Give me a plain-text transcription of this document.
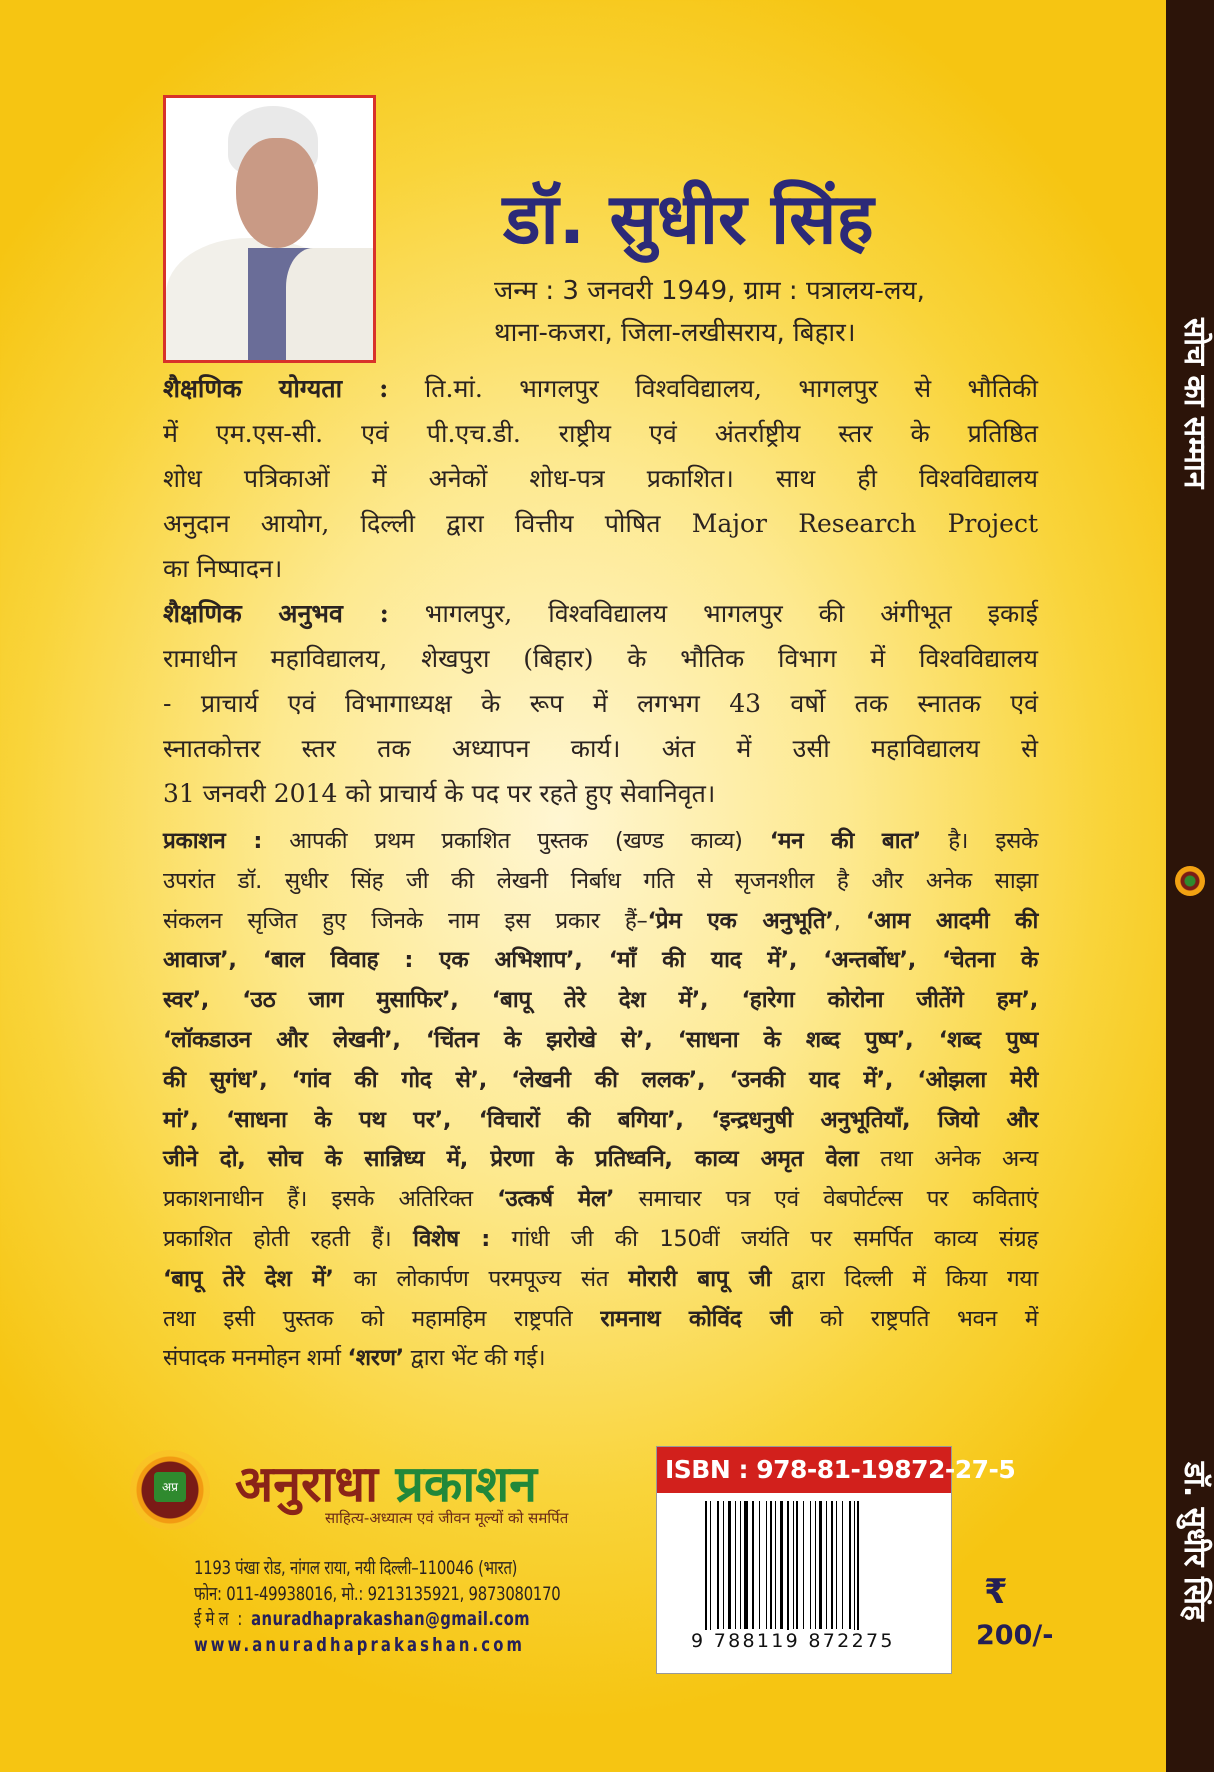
डॉ. सुधीर सिंह
जन्म : 3 जनवरी 1949, ग्राम : पत्रालय-लय,
थाना-कजरा, जिला-लखीसराय, बिहार।
शैक्षणिक योग्यता : ति.मां. भागलपुर विश्वविद्यालय, भागलपुर से भौतिकी
में एम.एस-सी. एवं पी.एच.डी. राष्ट्रीय एवं अंतर्राष्ट्रीय स्तर के प्रतिष्ठित
शोध पत्रिकाओं में अनेकों शोध-पत्र प्रकाशित। साथ ही विश्वविद्यालय
अनुदान आयोग, दिल्ली द्वारा वित्तीय पोषित Major Research Project
का निष्पादन।
शैक्षणिक अनुभव : भागलपुर, विश्वविद्यालय भागलपुर की अंगीभूत इकाई
रामाधीन महाविद्यालय, शेखपुरा (बिहार) के भौतिक विभाग में विश्वविद्यालय
- प्राचार्य एवं विभागाध्यक्ष के रूप में लगभग 43 वर्षो तक स्नातक एवं
स्नातकोत्तर स्तर तक अध्यापन कार्य। अंत में उसी महाविद्यालय से
31 जनवरी 2014 को प्राचार्य के पद पर रहते हुए सेवानिवृत।
प्रकाशन : आपकी प्रथम प्रकाशित पुस्तक (खण्ड काव्य) ‘मन की बात’ है। इसके
उपरांत डॉ. सुधीर सिंह जी की लेखनी निर्बाध गति से सृजनशील है और अनेक साझा
संकलन सृजित हुए जिनके नाम इस प्रकार हैं–‘प्रेम एक अनुभूति’, ‘आम आदमी की
आवाज’, ‘बाल विवाह : एक अभिशाप’, ‘माँ की याद में’, ‘अन्तर्बोध’, ‘चेतना के
स्वर’, ‘उठ जाग मुसाफिर’, ‘बापू तेरे देश में’, ‘हारेगा कोरोना जीतेंगे हम’,
‘लॉकडाउन और लेखनी’, ‘चिंतन के झरोखे से’, ‘साधना के शब्द पुष्प’, ‘शब्द पुष्प
की सुगंध’, ‘गांव की गोद से’, ‘लेखनी की ललक’, ‘उनकी याद में’, ‘ओझला मेरी
मां’, ‘साधना के पथ पर’, ‘विचारों की बगिया’, ‘इन्द्रधनुषी अनुभूतियाँ, जियो और
जीने दो, सोच के सान्निध्य में, प्रेरणा के प्रतिध्वनि, काव्य अमृत वेला तथा अनेक अन्य
प्रकाशनाधीन हैं। इसके अतिरिक्त ‘उत्कर्ष मेल’ समाचार पत्र एवं वेबपोर्टल्स पर कविताएं
प्रकाशित होती रहती हैं। विशेष : गांधी जी की 150वीं जयंति पर समर्पित काव्य संग्रह
‘बापू तेरे देश में’ का लोकार्पण परमपूज्य संत मोरारी बापू जी द्वारा दिल्ली में किया गया
तथा इसी पुस्तक को महामहिम राष्ट्रपति रामनाथ कोविंद जी को राष्ट्रपति भवन में
संपादक मनमोहन शर्मा ‘शरण’ द्वारा भेंट की गई।
अप्र अनुराधा प्रकाशन
साहित्य-अध्यात्म एवं जीवन मूल्यों को समर्पित
1193 पंखा रोड, नांगल राया, नयी दिल्ली–110046 (भारत)
फोन: 011-49938016, मो.: 9213135921, 9873080170
ई मे ल  :  anuradhaprakashan@gmail.com
www.anuradhaprakashan.com
ISBN : 978-81-19872-27-5
9 788119 872275
₹
200/-
सोच का सम्मान
डॉ. सुधीर सिंह
